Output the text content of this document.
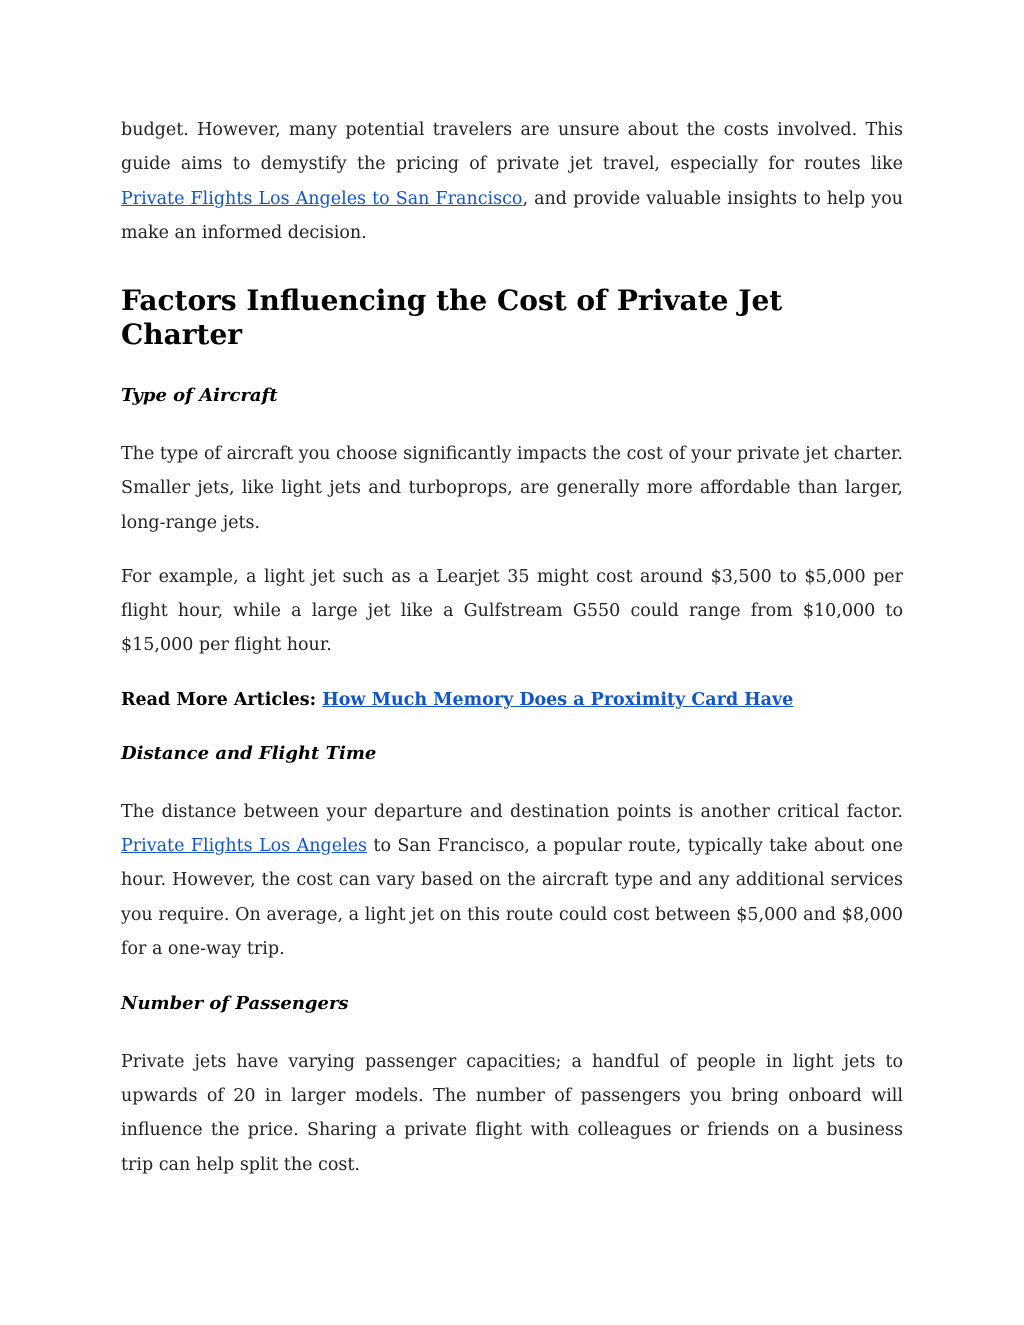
budget. However, many potential travelers are unsure about the costs involved. This guide aims to demystify the pricing of private jet travel, especially for routes like Private Flights Los Angeles to San Francisco, and provide valuable insights to help you make an informed decision.

Factors Influencing the Cost of Private Jet Charter
Type of Aircraft

The type of aircraft you choose significantly impacts the cost of your private jet charter. Smaller jets, like light jets and turboprops, are generally more affordable than larger, long-range jets.

For example, a light jet such as a Learjet 35 might cost around $3,500 to $5,000 per flight hour, while a large jet like a Gulfstream G550 could range from $10,000 to $15,000 per flight hour.

Read More Articles: How Much Memory Does a Proximity Card Have

Distance and Flight Time

The distance between your departure and destination points is another critical factor. Private Flights Los Angeles to San Francisco, a popular route, typically take about one hour. However, the cost can vary based on the aircraft type and any additional services you require. On average, a light jet on this route could cost between $5,000 and $8,000 for a one-way trip.

Number of Passengers

Private jets have varying passenger capacities; a handful of people in light jets to upwards of 20 in larger models. The number of passengers you bring onboard will influence the price. Sharing a private flight with colleagues or friends on a business trip can help split the cost.
